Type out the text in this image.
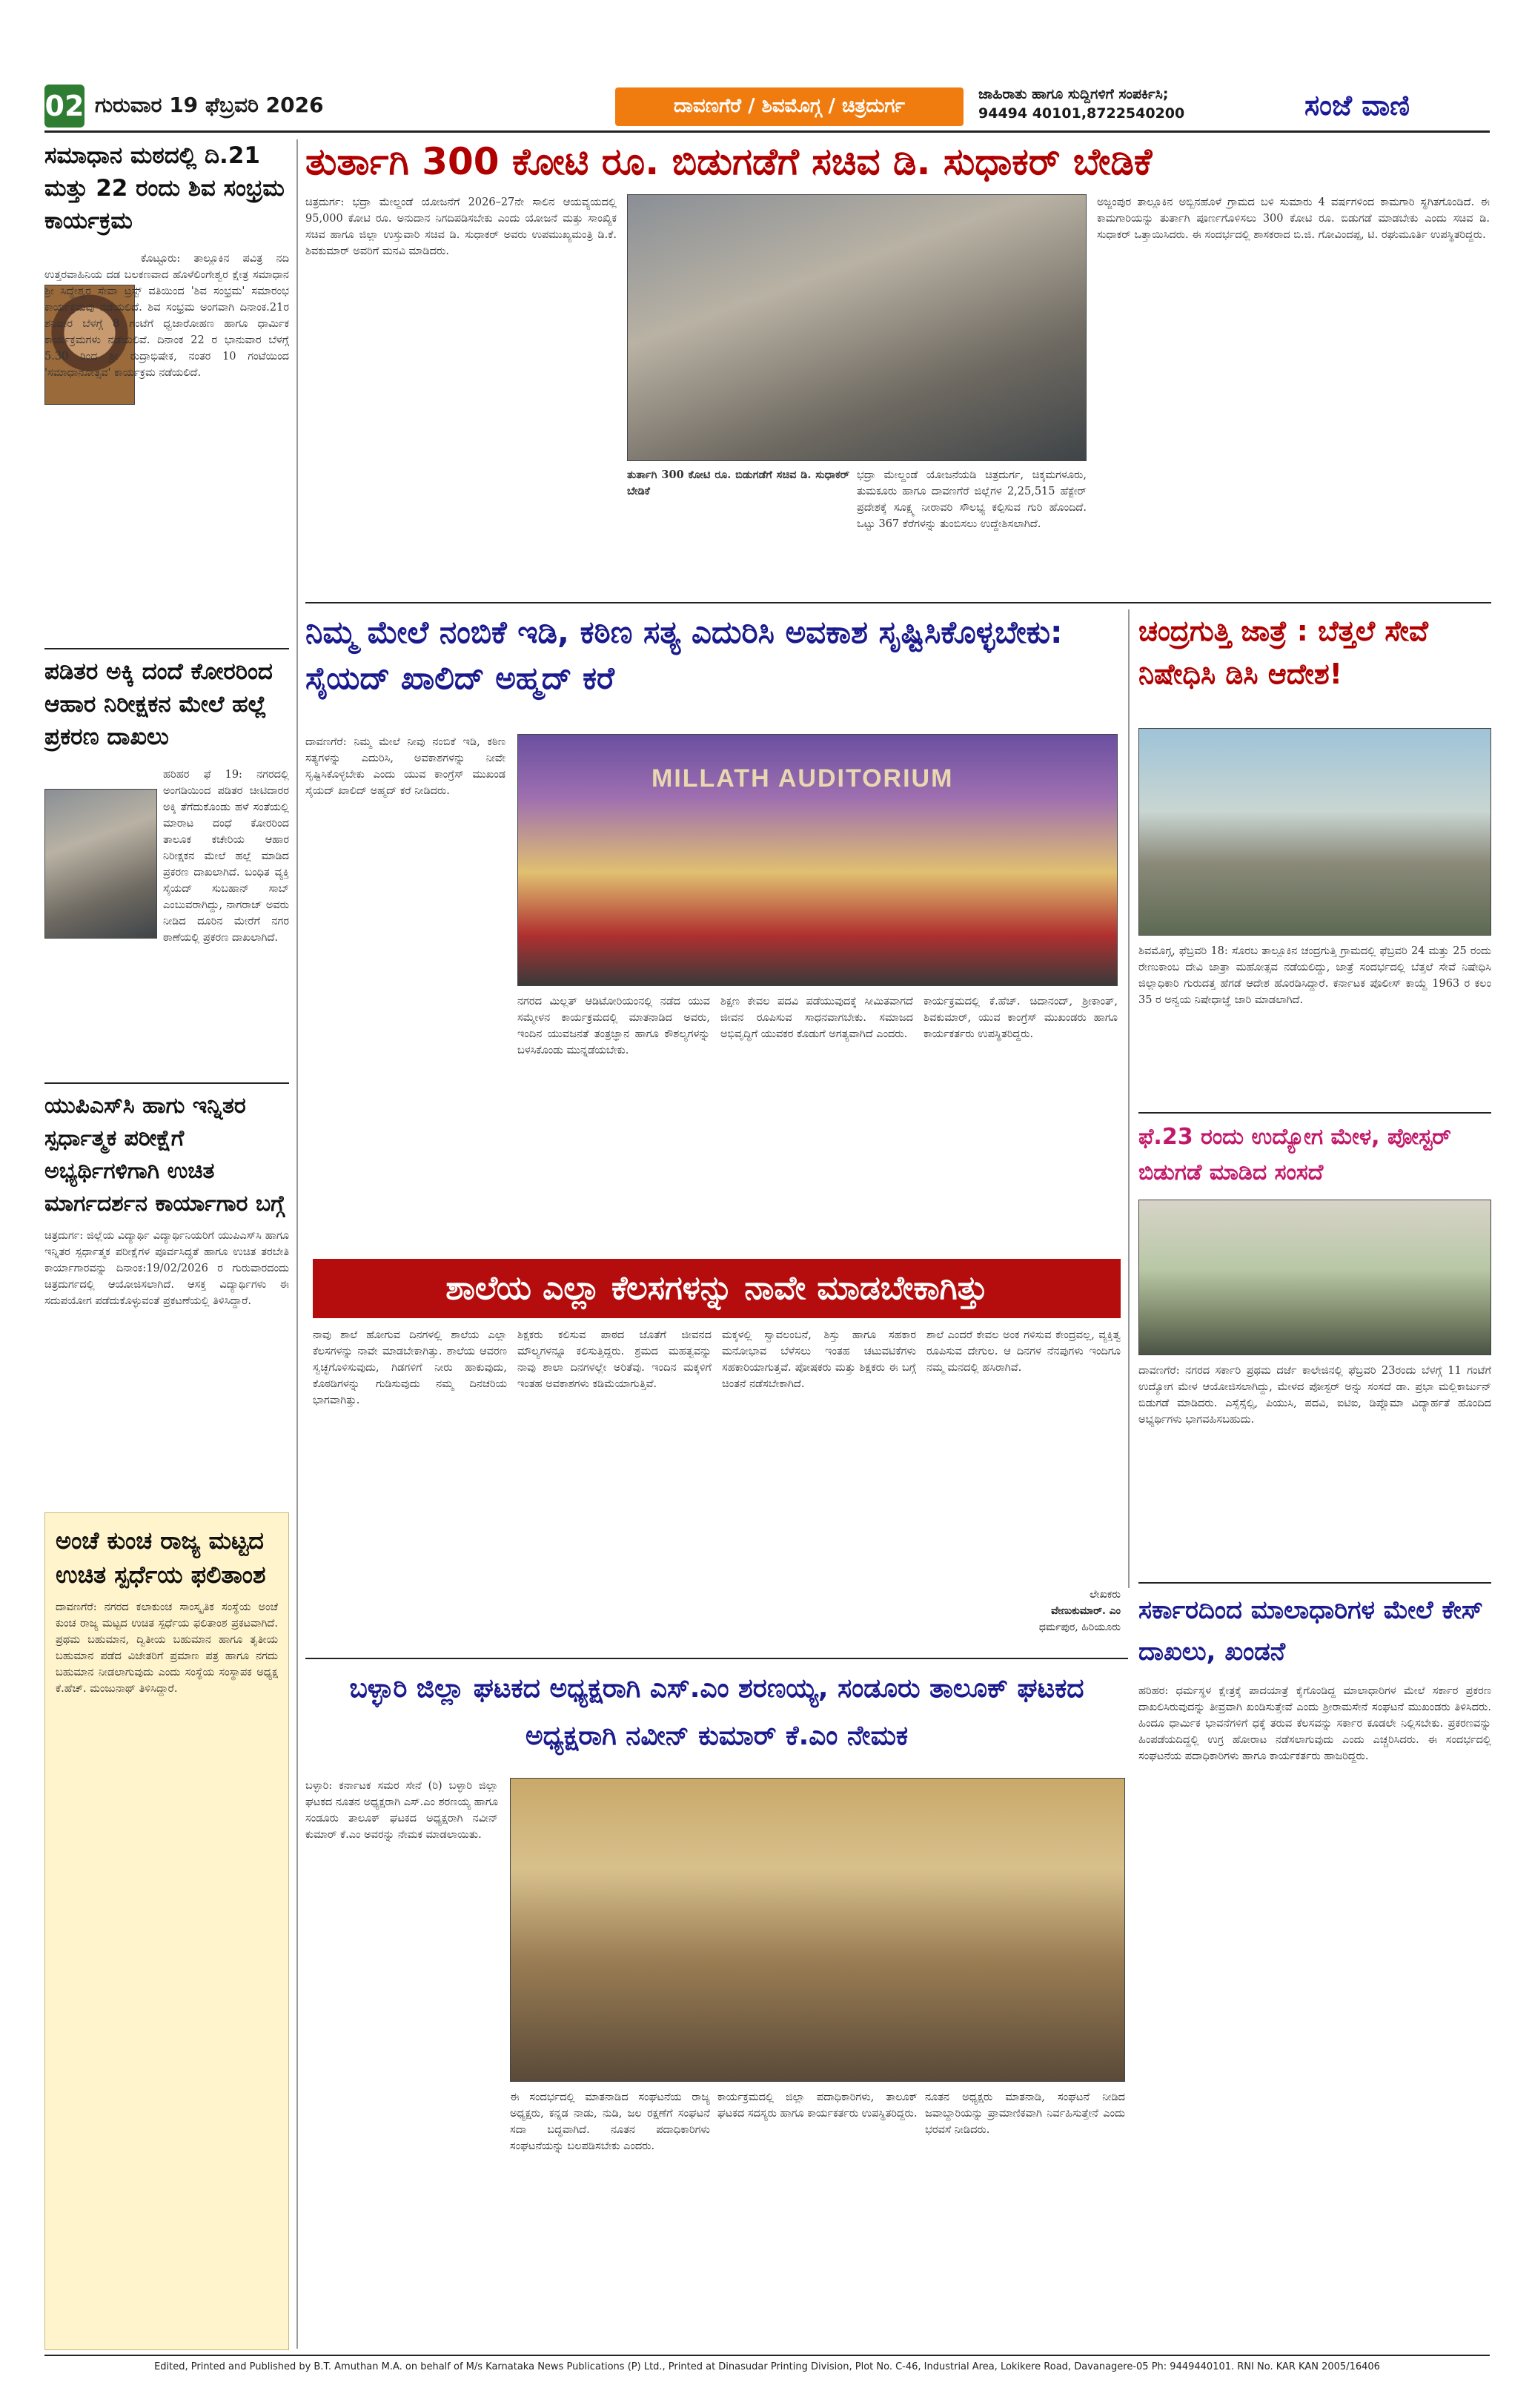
02 ಗುರುವಾರ 19 ಫೆಬ್ರವರಿ 2026	ದಾವಣಗೆರೆ / ಶಿವಮೊಗ್ಗ / ಚಿತ್ರದುರ್ಗ
ಜಾಹಿರಾತು ಹಾಗೂ ಸುದ್ದಿಗಳಿಗೆ ಸಂಪರ್ಕಿಸಿ;
94494 40101,8722540200	ಸಂಜೆ ವಾಣಿ
ಸಮಾಧಾನ ಮಠದಲ್ಲಿ ದಿ.21 ಮತ್ತು 22 ರಂದು ಶಿವ ಸಂಭ್ರಮ ಕಾರ್ಯಕ್ರಮ
ಕೊಟ್ಟೂರು: ತಾಲ್ಲೂಕಿನ ಪವಿತ್ರ ನದಿ ಉತ್ತರವಾಹಿನಿಯ ದಡ ಬಲಕಣವಾದ ಹೊಳೆಲಿಂಗೇಶ್ವರ ಕ್ಷೇತ್ರ ಸಮಾಧಾನ ಶ್ರೀ ಸಿದ್ಧೇಶ್ವರ ಸೇವಾ ಟ್ರಸ್ಟ್ ವತಿಯಿಂದ 'ಶಿವ ಸಂಭ್ರಮ' ಸಮಾರಂಭ ಕಾರ್ಯಕ್ರಮವು ನಡೆಯಲಿದೆ. ಶಿವ ಸಂಭ್ರಮ ಅಂಗವಾಗಿ ದಿನಾಂಕ.21ರ ಶನಿವಾರ ಬೆಳಗ್ಗೆ 8 ಗಂಟೆಗೆ ಧ್ವಜಾರೋಹಣ ಹಾಗೂ ಧಾರ್ಮಿಕ ಕಾರ್ಯಕ್ರಮಗಳು ನಡೆಯಲಿವೆ. ದಿನಾಂಕ 22 ರ ಭಾನುವಾರ ಬೆಳಗ್ಗೆ 5.30 ರಿಂದ ಶ್ರೀ ರುದ್ರಾಭಿಷೇಕ, ನಂತರ 10 ಗಂಟೆಯಿಂದ 'ಸಮಾಧಾನೋತ್ಸವ' ಕಾರ್ಯಕ್ರಮ ನಡೆಯಲಿದೆ.
ಪಡಿತರ ಅಕ್ಕಿ ದಂದೆ ಕೋರರಿಂದ ಆಹಾರ ನಿರೀಕ್ಷಕನ ಮೇಲೆ ಹಲ್ಲೆ ಪ್ರಕರಣ ದಾಖಲು
ಹರಿಹರ ಫೆ 19: ನಗರದಲ್ಲಿ ಅಂಗಡಿಯಿಂದ ಪಡಿತರ ಚೀಟಿದಾರರ ಅಕ್ಕಿ ತೆಗೆದುಕೊಂಡು ಹಳೆ ಸಂತೆಯಲ್ಲಿ ಮಾರಾಟ ದಂಧೆ ಕೋರರಿಂದ ತಾಲೂಕ ಕಚೇರಿಯ ಆಹಾರ ನಿರೀಕ್ಷಕನ ಮೇಲೆ ಹಲ್ಲೆ ಮಾಡಿದ ಪ್ರಕರಣ ದಾಖಲಾಗಿದೆ. ಬಂಧಿತ ವ್ಯಕ್ತಿ ಸೈಯದ್ ಸುಬಹಾನ್ ಸಾಬ್ ಎಂಬುವರಾಗಿದ್ದು, ನಾಗರಾಜ್ ಅವರು ನೀಡಿದ ದೂರಿನ ಮೇರೆಗೆ ನಗರ ಠಾಣೆಯಲ್ಲಿ ಪ್ರಕರಣ ದಾಖಲಾಗಿದೆ.
ಯುಪಿಎಸ್‌ಸಿ ಹಾಗು ಇನ್ನಿತರ ಸ್ಪರ್ಧಾತ್ಮಕ ಪರೀಕ್ಷೆಗೆ ಅಭ್ಯರ್ಥಿಗಳಿಗಾಗಿ ಉಚಿತ ಮಾರ್ಗದರ್ಶನ ಕಾರ್ಯಾಗಾರ ಬಗ್ಗೆ
ಚಿತ್ರದುರ್ಗ: ಜಿಲ್ಲೆಯ ವಿದ್ಯಾರ್ಥಿ ವಿದ್ಯಾರ್ಥಿನಿಯರಿಗೆ ಯುಪಿಎಸ್‌ಸಿ ಹಾಗೂ ಇನ್ನಿತರ ಸ್ಪರ್ಧಾತ್ಮಕ ಪರೀಕ್ಷೆಗಳ ಪೂರ್ವಸಿದ್ಧತೆ ಹಾಗೂ ಉಚಿತ ತರಬೇತಿ ಕಾರ್ಯಾಗಾರವನ್ನು ದಿನಾಂಕ:19/02/2026 ರ ಗುರುವಾರದಂದು ಚಿತ್ರದುರ್ಗದಲ್ಲಿ ಆಯೋಜಿಸಲಾಗಿದೆ. ಆಸಕ್ತ ವಿದ್ಯಾರ್ಥಿಗಳು ಈ ಸದುಪಯೋಗ ಪಡೆದುಕೊಳ್ಳುವಂತೆ ಪ್ರಕಟಣೆಯಲ್ಲಿ ತಿಳಿಸಿದ್ದಾರೆ.
ಅಂಚೆ ಕುಂಚ ರಾಜ್ಯ ಮಟ್ಟದ ಉಚಿತ ಸ್ಪರ್ಧೆಯ ಫಲಿತಾಂಶ
ದಾವಣಗೆರೆ: ನಗರದ ಕಲಾಕುಂಚ ಸಾಂಸ್ಕೃತಿಕ ಸಂಸ್ಥೆಯ ಅಂಚೆ ಕುಂಚ ರಾಜ್ಯ ಮಟ್ಟದ ಉಚಿತ ಸ್ಪರ್ಧೆಯ ಫಲಿತಾಂಶ ಪ್ರಕಟವಾಗಿದೆ. ಪ್ರಥಮ ಬಹುಮಾನ, ದ್ವಿತೀಯ ಬಹುಮಾನ ಹಾಗೂ ತೃತೀಯ ಬಹುಮಾನ ಪಡೆದ ವಿಜೇತರಿಗೆ ಪ್ರಮಾಣ ಪತ್ರ ಹಾಗೂ ನಗದು ಬಹುಮಾನ ನೀಡಲಾಗುವುದು ಎಂದು ಸಂಸ್ಥೆಯ ಸಂಸ್ಥಾಪಕ ಅಧ್ಯಕ್ಷ ಕೆ.ಹೆಚ್. ಮಂಜುನಾಥ್ ತಿಳಿಸಿದ್ದಾರೆ.
ತುರ್ತಾಗಿ 300 ಕೋಟಿ ರೂ. ಬಿಡುಗಡೆಗೆ ಸಚಿವ ಡಿ. ಸುಧಾಕರ್ ಬೇಡಿಕೆ
ಚಿತ್ರದುರ್ಗ: ಭದ್ರಾ ಮೇಲ್ದಂಡೆ ಯೋಜನೆಗೆ 2026–27ನೇ ಸಾಲಿನ ಆಯವ್ಯಯದಲ್ಲಿ 95,000 ಕೋಟಿ ರೂ. ಅನುದಾನ ನಿಗದಿಪಡಿಸಬೇಕು ಎಂದು ಯೋಜನೆ ಮತ್ತು ಸಾಂಖ್ಯಿಕ ಸಚಿವ ಹಾಗೂ ಜಿಲ್ಲಾ ಉಸ್ತುವಾರಿ ಸಚಿವ ಡಿ. ಸುಧಾಕರ್ ಅವರು ಉಪಮುಖ್ಯಮಂತ್ರಿ ಡಿ.ಕೆ. ಶಿವಕುಮಾರ್ ಅವರಿಗೆ ಮನವಿ ಮಾಡಿದರು.
ತುರ್ತಾಗಿ 300 ಕೋಟಿ ರೂ. ಬಿಡುಗಡೆಗೆ ಸಚಿವ ಡಿ. ಸುಧಾಕರ್ ಬೇಡಿಕೆ
ಭದ್ರಾ ಮೇಲ್ದಂಡೆ ಯೋಜನೆಯಡಿ ಚಿತ್ರದುರ್ಗ, ಚಿಕ್ಕಮಗಳೂರು, ತುಮಕೂರು ಹಾಗೂ ದಾವಣಗೆರೆ ಜಿಲ್ಲೆಗಳ 2,25,515 ಹೆಕ್ಟೇರ್ ಪ್ರದೇಶಕ್ಕೆ ಸೂಕ್ಷ್ಮ ನೀರಾವರಿ ಸೌಲಭ್ಯ ಕಲ್ಪಿಸುವ ಗುರಿ ಹೊಂದಿದೆ. ಒಟ್ಟು 367 ಕೆರೆಗಳನ್ನು ತುಂಬಿಸಲು ಉದ್ದೇಶಿಸಲಾಗಿದೆ.
ಅಜ್ಜಂಪುರ ತಾಲ್ಲೂಕಿನ ಅಬ್ಬಿನಹೊಳೆ ಗ್ರಾಮದ ಬಳಿ ಸುಮಾರು 4 ವರ್ಷಗಳಿಂದ ಕಾಮಗಾರಿ ಸ್ಥಗಿತಗೊಂಡಿದೆ. ಈ ಕಾಮಗಾರಿಯನ್ನು ತುರ್ತಾಗಿ ಪೂರ್ಣಗೊಳಿಸಲು 300 ಕೋಟಿ ರೂ. ಬಿಡುಗಡೆ ಮಾಡಬೇಕು ಎಂದು ಸಚಿವ ಡಿ. ಸುಧಾಕರ್ ಒತ್ತಾಯಿಸಿದರು. ಈ ಸಂದರ್ಭದಲ್ಲಿ ಶಾಸಕರಾದ ಬಿ.ಜಿ. ಗೋವಿಂದಪ್ಪ, ಟಿ. ರಘುಮೂರ್ತಿ ಉಪಸ್ಥಿತರಿದ್ದರು.
ನಿಮ್ಮ ಮೇಲೆ ನಂಬಿಕೆ ಇಡಿ, ಕಠಿಣ ಸತ್ಯ ಎದುರಿಸಿ ಅವಕಾಶ ಸೃಷ್ಟಿಸಿಕೊಳ್ಳಬೇಕು: ಸೈಯದ್ ಖಾಲಿದ್ ಅಹ್ಮದ್ ಕರೆ
ದಾವಣಗೆರೆ: ನಿಮ್ಮ ಮೇಲೆ ನೀವು ನಂಬಿಕೆ ಇಡಿ, ಕಠಿಣ ಸತ್ಯಗಳನ್ನು ಎದುರಿಸಿ, ಅವಕಾಶಗಳನ್ನು ನೀವೇ ಸೃಷ್ಟಿಸಿಕೊಳ್ಳಬೇಕು ಎಂದು ಯುವ ಕಾಂಗ್ರೆಸ್ ಮುಖಂಡ ಸೈಯದ್ ಖಾಲಿದ್ ಅಹ್ಮದ್ ಕರೆ ನೀಡಿದರು.	MILLATH AUDITORIUM
ನಗರದ ಮಿಲ್ಲತ್ ಆಡಿಟೋರಿಯಂನಲ್ಲಿ ನಡೆದ ಯುವ ಸಮ್ಮೇಳನ ಕಾರ್ಯಕ್ರಮದಲ್ಲಿ ಮಾತನಾಡಿದ ಅವರು, ಇಂದಿನ ಯುವಜನತೆ ತಂತ್ರಜ್ಞಾನ ಹಾಗೂ ಕೌಶಲ್ಯಗಳನ್ನು ಬಳಸಿಕೊಂಡು ಮುನ್ನಡೆಯಬೇಕು.
ಶಿಕ್ಷಣ ಕೇವಲ ಪದವಿ ಪಡೆಯುವುದಕ್ಕೆ ಸೀಮಿತವಾಗದೆ ಜೀವನ ರೂಪಿಸುವ ಸಾಧನವಾಗಬೇಕು. ಸಮಾಜದ ಅಭಿವೃದ್ಧಿಗೆ ಯುವಕರ ಕೊಡುಗೆ ಅಗತ್ಯವಾಗಿದೆ ಎಂದರು.
ಕಾರ್ಯಕ್ರಮದಲ್ಲಿ ಕೆ.ಹೆಚ್. ಚಿದಾನಂದ್, ಶ್ರೀಕಾಂತ್, ಶಿವಕುಮಾರ್, ಯುವ ಕಾಂಗ್ರೆಸ್ ಮುಖಂಡರು ಹಾಗೂ ಕಾರ್ಯಕರ್ತರು ಉಪಸ್ಥಿತರಿದ್ದರು.
ಚಂದ್ರಗುತ್ತಿ ಜಾತ್ರೆ : ಬೆತ್ತಲೆ ಸೇವೆ ನಿಷೇಧಿಸಿ ಡಿಸಿ ಆದೇಶ!
ಶಿವಮೊಗ್ಗ, ಫೆಬ್ರವರಿ 18: ಸೊರಬ ತಾಲ್ಲೂಕಿನ ಚಂದ್ರಗುತ್ತಿ ಗ್ರಾಮದಲ್ಲಿ ಫೆಬ್ರವರಿ 24 ಮತ್ತು 25 ರಂದು ರೇಣುಕಾಂಬ ದೇವಿ ಜಾತ್ರಾ ಮಹೋತ್ಸವ ನಡೆಯಲಿದ್ದು, ಜಾತ್ರೆ ಸಂದರ್ಭದಲ್ಲಿ ಬೆತ್ತಲೆ ಸೇವೆ ನಿಷೇಧಿಸಿ ಜಿಲ್ಲಾಧಿಕಾರಿ ಗುರುದತ್ತ ಹೆಗಡೆ ಆದೇಶ ಹೊರಡಿಸಿದ್ದಾರೆ. ಕರ್ನಾಟಕ ಪೊಲೀಸ್ ಕಾಯ್ದೆ 1963 ರ ಕಲಂ 35 ರ ಅನ್ವಯ ನಿಷೇಧಾಜ್ಞೆ ಜಾರಿ ಮಾಡಲಾಗಿದೆ.
ಫೆ.23 ರಂದು ಉದ್ಯೋಗ ಮೇಳ, ಪೋಸ್ಟರ್ ಬಿಡುಗಡೆ ಮಾಡಿದ ಸಂಸದೆ
ದಾವಣಗೆರೆ: ನಗರದ ಸರ್ಕಾರಿ ಪ್ರಥಮ ದರ್ಜೆ ಕಾಲೇಜಿನಲ್ಲಿ ಫೆಬ್ರವರಿ 23ರಂದು ಬೆಳಗ್ಗೆ 11 ಗಂಟೆಗೆ ಉದ್ಯೋಗ ಮೇಳ ಆಯೋಜಿಸಲಾಗಿದ್ದು, ಮೇಳದ ಪೋಸ್ಟರ್ ಅನ್ನು ಸಂಸದೆ ಡಾ. ಪ್ರಭಾ ಮಲ್ಲಿಕಾರ್ಜುನ್ ಬಿಡುಗಡೆ ಮಾಡಿದರು. ಎಸ್ಸೆಸ್ಸೆಲ್ಸಿ, ಪಿಯುಸಿ, ಪದವಿ, ಐಟಿಐ, ಡಿಪ್ಲೊಮಾ ವಿದ್ಯಾರ್ಹತೆ ಹೊಂದಿದ ಅಭ್ಯರ್ಥಿಗಳು ಭಾಗವಹಿಸಬಹುದು.
ಸರ್ಕಾರದಿಂದ ಮಾಲಾಧಾರಿಗಳ ಮೇಲೆ ಕೇಸ್ ದಾಖಲು, ಖಂಡನೆ
ಹರಿಹರ: ಧರ್ಮಸ್ಥಳ ಕ್ಷೇತ್ರಕ್ಕೆ ಪಾದಯಾತ್ರೆ ಕೈಗೊಂಡಿದ್ದ ಮಾಲಾಧಾರಿಗಳ ಮೇಲೆ ಸರ್ಕಾರ ಪ್ರಕರಣ ದಾಖಲಿಸಿರುವುದನ್ನು ತೀವ್ರವಾಗಿ ಖಂಡಿಸುತ್ತೇವೆ ಎಂದು ಶ್ರೀರಾಮಸೇನೆ ಸಂಘಟನೆ ಮುಖಂಡರು ತಿಳಿಸಿದರು. ಹಿಂದೂ ಧಾರ್ಮಿಕ ಭಾವನೆಗಳಿಗೆ ಧಕ್ಕೆ ತರುವ ಕೆಲಸವನ್ನು ಸರ್ಕಾರ ಕೂಡಲೇ ನಿಲ್ಲಿಸಬೇಕು. ಪ್ರಕರಣವನ್ನು ಹಿಂಪಡೆಯದಿದ್ದಲ್ಲಿ ಉಗ್ರ ಹೋರಾಟ ನಡೆಸಲಾಗುವುದು ಎಂದು ಎಚ್ಚರಿಸಿದರು. ಈ ಸಂದರ್ಭದಲ್ಲಿ ಸಂಘಟನೆಯ ಪದಾಧಿಕಾರಿಗಳು ಹಾಗೂ ಕಾರ್ಯಕರ್ತರು ಹಾಜರಿದ್ದರು.
ಶಾಲೆಯ ಎಲ್ಲಾ ಕೆಲಸಗಳನ್ನು ನಾವೇ ಮಾಡಬೇಕಾಗಿತ್ತು
ನಾವು ಶಾಲೆ ಹೋಗುವ ದಿನಗಳಲ್ಲಿ ಶಾಲೆಯ ಎಲ್ಲಾ ಕೆಲಸಗಳನ್ನು ನಾವೇ ಮಾಡಬೇಕಾಗಿತ್ತು. ಶಾಲೆಯ ಆವರಣ ಸ್ವಚ್ಛಗೊಳಿಸುವುದು, ಗಿಡಗಳಿಗೆ ನೀರು ಹಾಕುವುದು, ಕೊಠಡಿಗಳನ್ನು ಗುಡಿಸುವುದು ನಮ್ಮ ದಿನಚರಿಯ ಭಾಗವಾಗಿತ್ತು.
ಶಿಕ್ಷಕರು ಕಲಿಸುವ ಪಾಠದ ಜೊತೆಗೆ ಜೀವನದ ಮೌಲ್ಯಗಳನ್ನೂ ಕಲಿಸುತ್ತಿದ್ದರು. ಶ್ರಮದ ಮಹತ್ವವನ್ನು ನಾವು ಶಾಲಾ ದಿನಗಳಲ್ಲೇ ಅರಿತೆವು. ಇಂದಿನ ಮಕ್ಕಳಿಗೆ ಇಂತಹ ಅವಕಾಶಗಳು ಕಡಿಮೆಯಾಗುತ್ತಿವೆ.
ಮಕ್ಕಳಲ್ಲಿ ಸ್ವಾವಲಂಬನೆ, ಶಿಸ್ತು ಹಾಗೂ ಸಹಕಾರ ಮನೋಭಾವ ಬೆಳೆಸಲು ಇಂತಹ ಚಟುವಟಿಕೆಗಳು ಸಹಕಾರಿಯಾಗುತ್ತವೆ. ಪೋಷಕರು ಮತ್ತು ಶಿಕ್ಷಕರು ಈ ಬಗ್ಗೆ ಚಿಂತನೆ ನಡೆಸಬೇಕಾಗಿದೆ.
ಶಾಲೆ ಎಂದರೆ ಕೇವಲ ಅಂಕ ಗಳಿಸುವ ಕೇಂದ್ರವಲ್ಲ, ವ್ಯಕ್ತಿತ್ವ ರೂಪಿಸುವ ದೇಗುಲ. ಆ ದಿನಗಳ ನೆನಪುಗಳು ಇಂದಿಗೂ ನಮ್ಮ ಮನದಲ್ಲಿ ಹಸಿರಾಗಿವೆ.
ಲೇಖಕರು
ವೇಣುಕುಮಾರ್. ಎಂ
ಧರ್ಮಪುರ, ಹಿರಿಯೂರು
ಬಳ್ಳಾರಿ ಜಿಲ್ಲಾ ಘಟಕದ ಅಧ್ಯಕ್ಷರಾಗಿ ಎಸ್.ಎಂ ಶರಣಯ್ಯ, ಸಂಡೂರು ತಾಲೂಕ್ ಘಟಕದ ಅಧ್ಯಕ್ಷರಾಗಿ ನವೀನ್ ಕುಮಾರ್ ಕೆ.ಎಂ ನೇಮಕ
ಬಳ್ಳಾರಿ: ಕರ್ನಾಟಕ ಸಮರ ಸೇನೆ (ರಿ) ಬಳ್ಳಾರಿ ಜಿಲ್ಲಾ ಘಟಕದ ನೂತನ ಅಧ್ಯಕ್ಷರಾಗಿ ಎಸ್.ಎಂ ಶರಣಯ್ಯ ಹಾಗೂ ಸಂಡೂರು ತಾಲೂಕ್ ಘಟಕದ ಅಧ್ಯಕ್ಷರಾಗಿ ನವೀನ್ ಕುಮಾರ್ ಕೆ.ಎಂ ಅವರನ್ನು ನೇಮಕ ಮಾಡಲಾಯಿತು.
ಈ ಸಂದರ್ಭದಲ್ಲಿ ಮಾತನಾಡಿದ ಸಂಘಟನೆಯ ರಾಜ್ಯ ಅಧ್ಯಕ್ಷರು, ಕನ್ನಡ ನಾಡು, ನುಡಿ, ಜಲ ರಕ್ಷಣೆಗೆ ಸಂಘಟನೆ ಸದಾ ಬದ್ಧವಾಗಿದೆ. ನೂತನ ಪದಾಧಿಕಾರಿಗಳು ಸಂಘಟನೆಯನ್ನು ಬಲಪಡಿಸಬೇಕು ಎಂದರು.
ಕಾರ್ಯಕ್ರಮದಲ್ಲಿ ಜಿಲ್ಲಾ ಪದಾಧಿಕಾರಿಗಳು, ತಾಲೂಕ್ ಘಟಕದ ಸದಸ್ಯರು ಹಾಗೂ ಕಾರ್ಯಕರ್ತರು ಉಪಸ್ಥಿತರಿದ್ದರು.
ನೂತನ ಅಧ್ಯಕ್ಷರು ಮಾತನಾಡಿ, ಸಂಘಟನೆ ನೀಡಿದ ಜವಾಬ್ದಾರಿಯನ್ನು ಪ್ರಾಮಾಣಿಕವಾಗಿ ನಿರ್ವಹಿಸುತ್ತೇನೆ ಎಂದು ಭರವಸೆ ನೀಡಿದರು.
Edited, Printed and Published by B.T. Amuthan M.A. on behalf of M/s Karnataka News Publications (P) Ltd., Printed at Dinasudar Printing Division, Plot No. C-46, Industrial Area, Lokikere Road, Davanagere-05 Ph: 9449440101. RNI No. KAR KAN 2005/16406
